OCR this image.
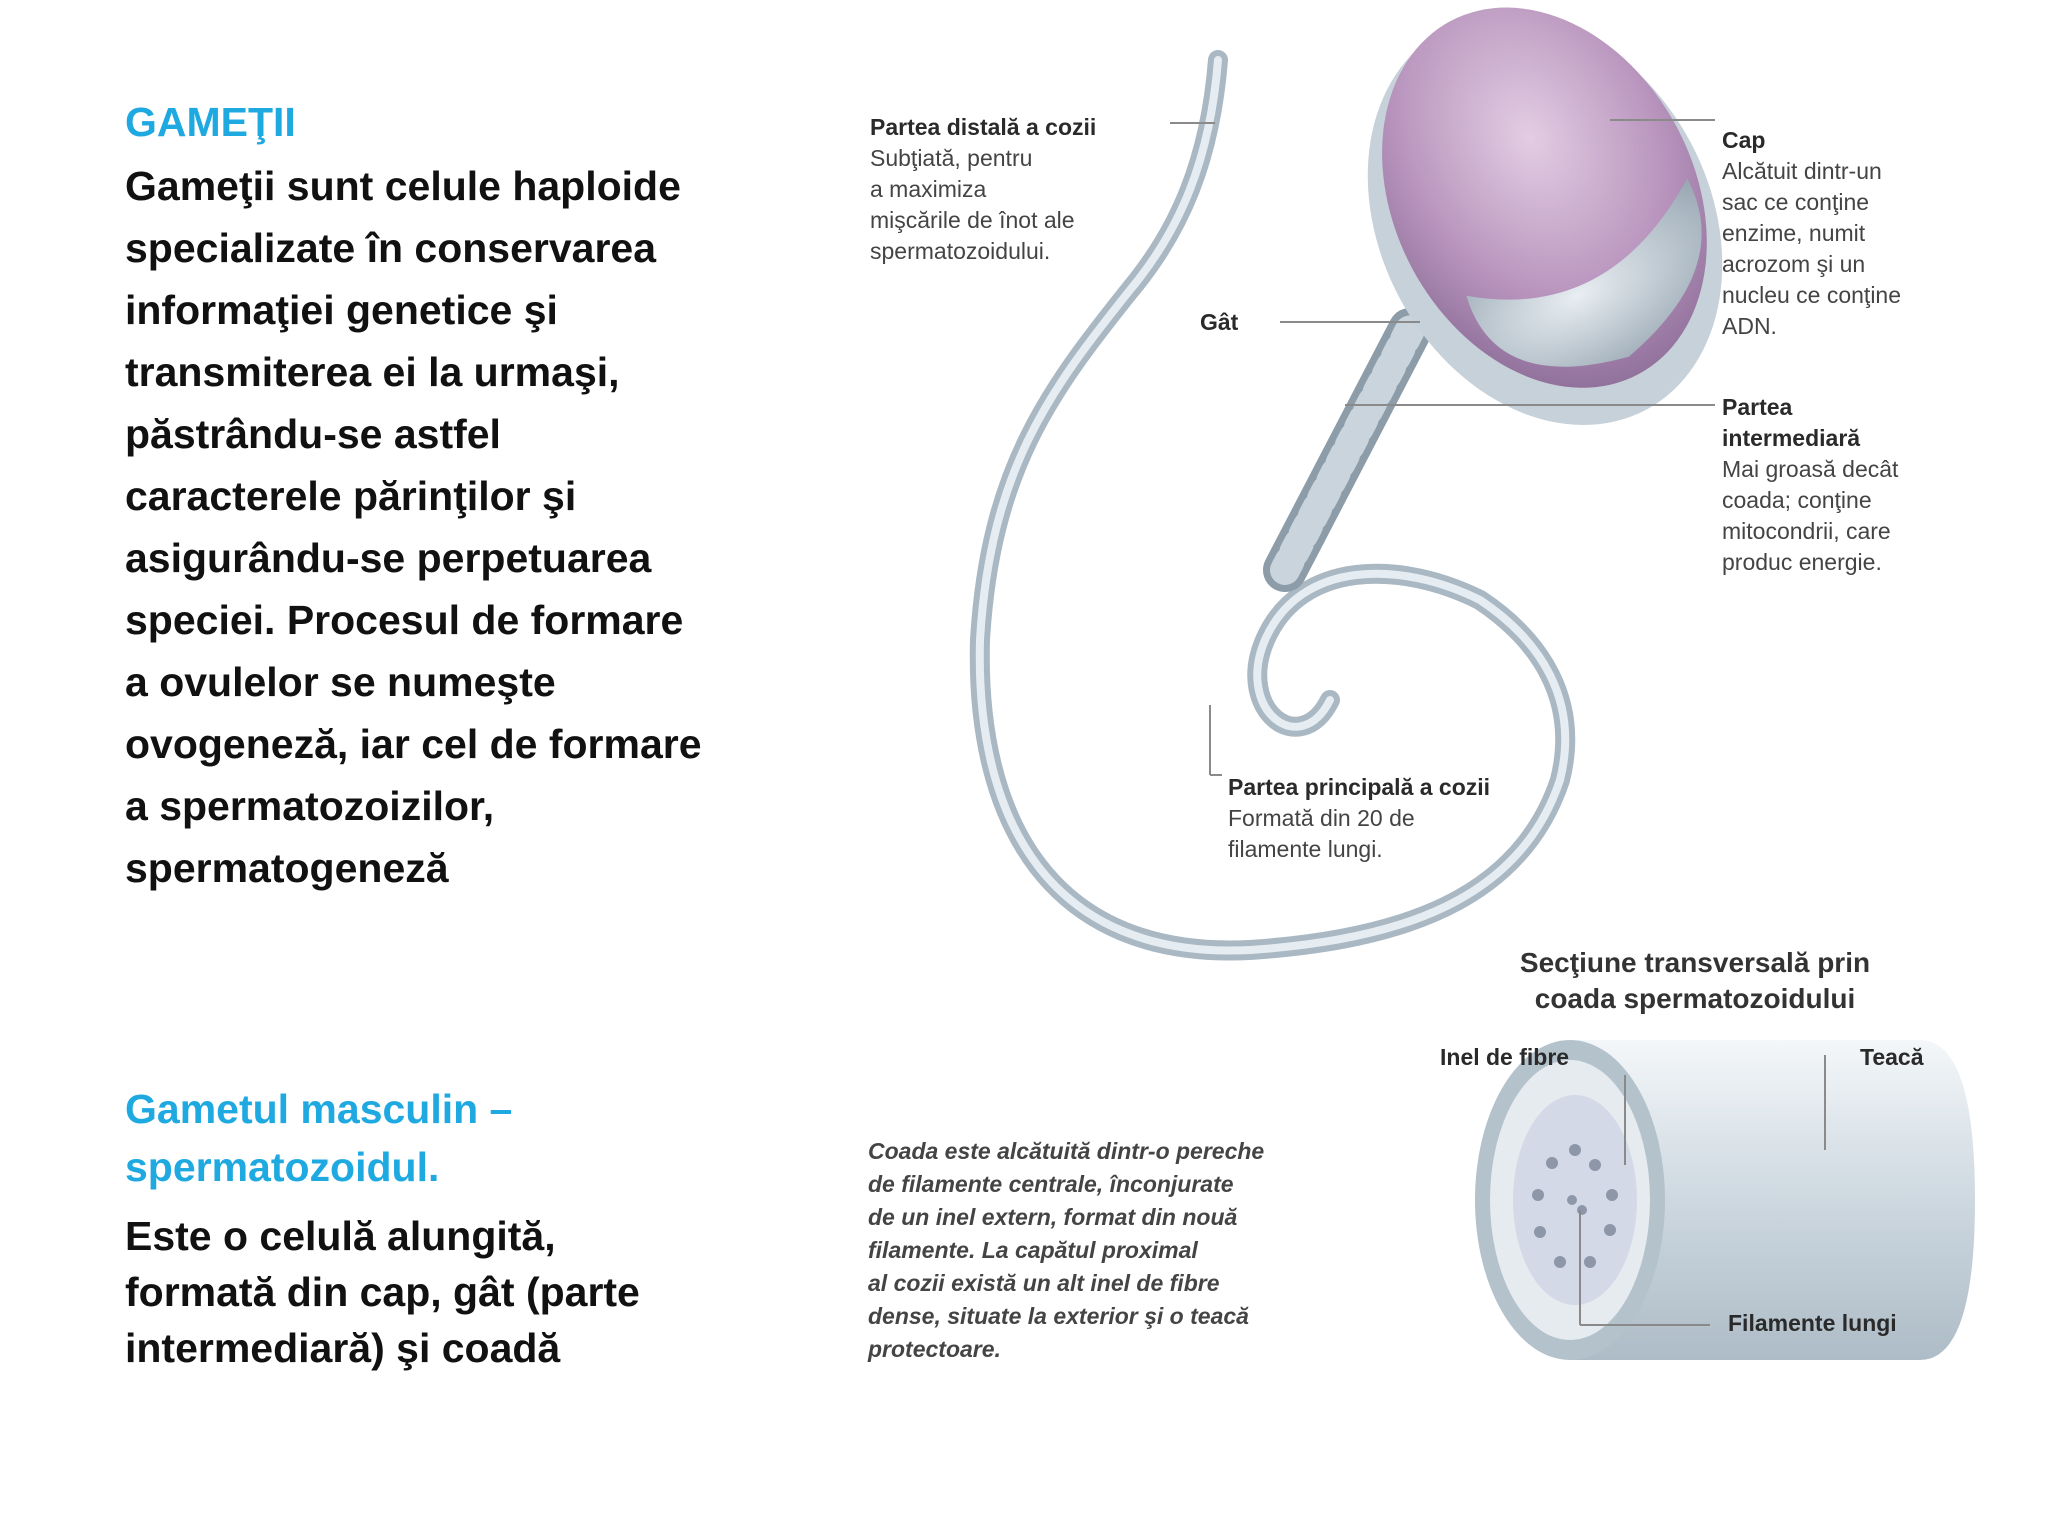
GAMEŢII
Gameţii sunt celule haploide
specializate în conservarea
informaţiei genetice şi
transmiterea ei la urmaşi,
păstrându-se astfel
caracterele părinţilor şi
asigurându-se perpetuarea
speciei. Procesul de formare
a ovulelor se numeşte
ovogeneză, iar cel de formare
a spermatozoizilor,
spermatogeneză
Gametul masculin –
spermatozoidul.
Este o celulă alungită,
formată din cap, gât (parte
intermediară) şi coadă
Partea distală a cozii
Subţiată, pentru
a maximiza
mişcările de înot ale
spermatozoidului.
Cap
Alcătuit dintr-un
sac ce conţine
enzime, numit
acrozom şi un
nucleu ce conţine
ADN.
Gât
Partea
intermediară
Mai groasă decât
coada; conţine
mitocondrii, care
produc energie.
Partea principală a cozii
Formată din 20 de
filamente lungi.
Secţiune transversală prin
coada spermatozoidului
Inel de fibre	Teacă
Filamente lungi
Coada este alcătuită dintr-o pereche
de filamente centrale, înconjurate
de un inel extern, format din nouă
filamente. La capătul proximal
al cozii există un alt inel de fibre
dense, situate la exterior şi o teacă
protectoare.
